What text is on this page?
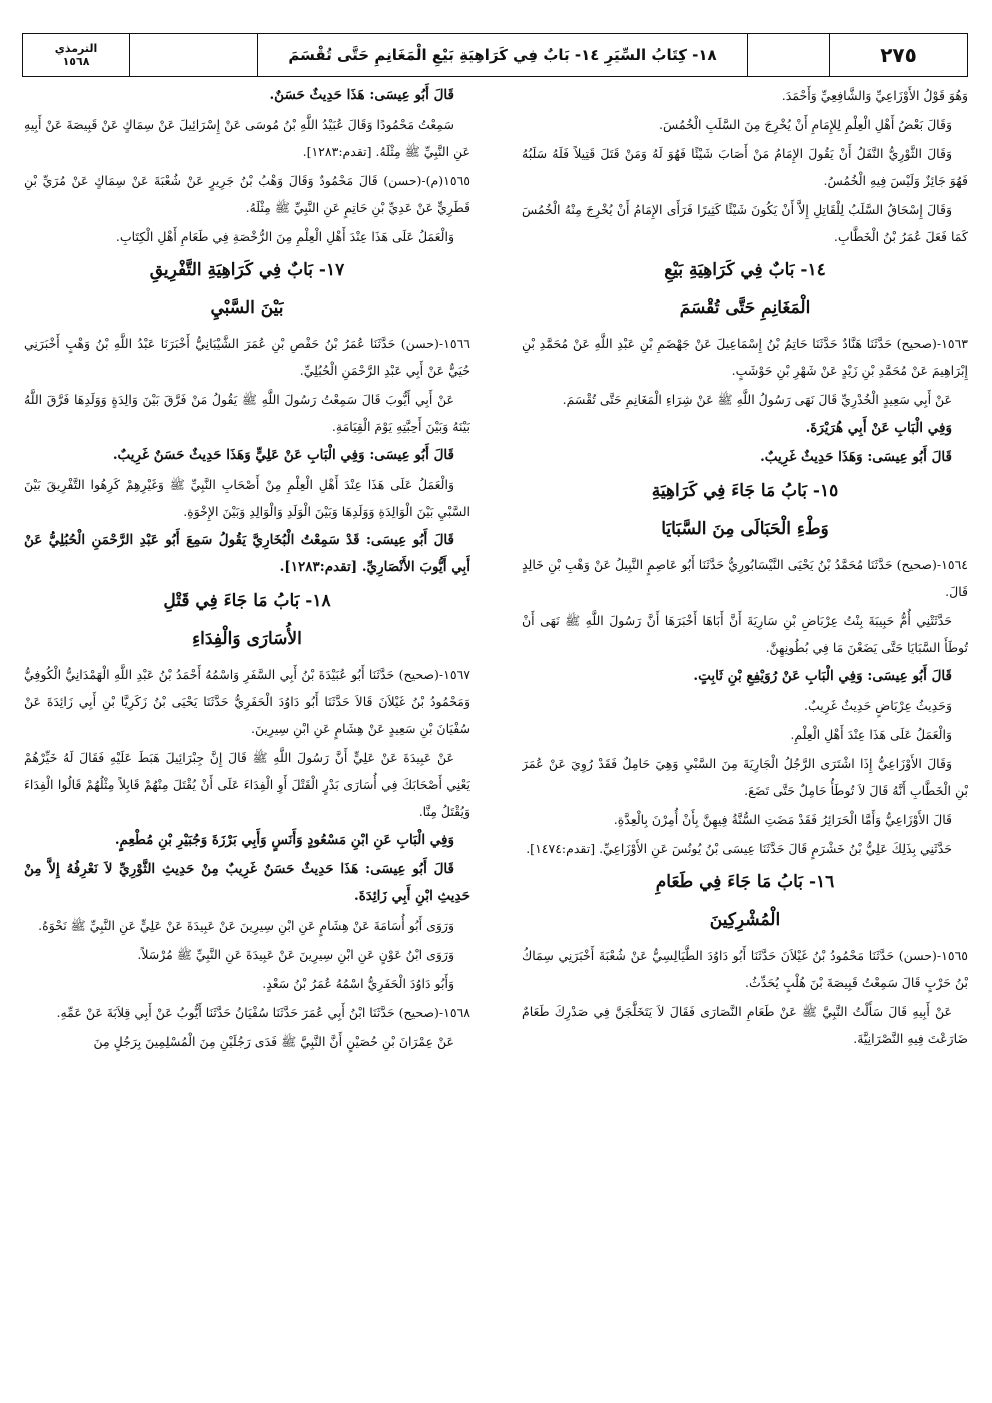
٢٧٥
١٨- كِتَابُ السِّيَرِ ١٤- بَابٌ فِي كَرَاهِيَةِ بَيْعِ الْمَغَانِمِ حَتَّى تُقْسَمَ
الترمذي
١٥٦٨
وَهُوَ قَوْلُ الأَوْزَاعِيِّ وَالشَّافِعِيِّ وَأَحْمَدَ.
وَقَالَ بَعْضُ أَهْلِ الْعِلْمِ لِلإِمَامِ أَنْ يُخْرِجَ مِنَ السَّلَبِ الْخُمُسَ.
وَقَالَ الثَّوْرِيُّ النَّفَلُ أَنْ يَقُولَ الإِمَامُ مَنْ أَصَابَ شَيْئًا فَهُوَ لَهُ وَمَنْ قَتَلَ قَتِيلاً فَلَهُ سَلَبُهُ فَهُوَ جَائِزٌ وَلَيْسَ فِيهِ الْخُمُسُ.
وَقَالَ إِسْحَاقُ السَّلَبُ لِلْقَاتِلِ إِلاَّ أَنْ يَكُونَ شَيْئًا كَثِيرًا فَرَأَى الإِمَامُ أَنْ يُخْرِجَ مِنْهُ الْخُمُسَ كَمَا فَعَلَ عُمَرُ بْنُ الْخَطَّابِ.
١٤- بَابٌ فِي كَرَاهِيَةِ بَيْعِ
الْمَغَانِمِ حَتَّى تُقْسَمَ
١٥٦٣-(صحيح) حَدَّثَنَا هَنَّادٌ حَدَّثَنَا حَاتِمُ بْنُ إِسْمَاعِيلَ عَنْ جَهْضَمِ بْنِ عَبْدِ اللَّهِ عَنْ مُحَمَّدِ بْنِ إِبْرَاهِيمَ عَنْ مُحَمَّدِ بْنِ زَيْدٍ عَنْ شَهْرِ بْنِ حَوْشَبٍ.
عَنْ أَبِي سَعِيدٍ الْخُدْرِيِّ قَالَ نَهَى رَسُولُ اللَّهِ ﷺ عَنْ شِرَاءِ الْمَغَانِمِ حَتَّى تُقْسَمَ.
وَفِي الْبَابِ عَنْ أَبِي هُرَيْرَةَ.
قَالَ أَبُو عِيسَى: وَهَذَا حَدِيثٌ غَرِيبٌ.
١٥- بَابُ مَا جَاءَ فِي كَرَاهِيَةِ
وَطْءِ الْحَبَالَى مِنَ السَّبَايَا
١٥٦٤-(صحيح) حَدَّثَنَا مُحَمَّدُ بْنُ يَحْيَى النَّيْسَابُورِيُّ حَدَّثَنَا أَبُو عَاصِمٍ النَّبِيلُ عَنْ وَهْبِ بْنِ خَالِدٍ قَالَ.
حَدَّثَتْنِي أُمُّ حَبِيبَةَ بِنْتُ عِرْبَاضِ بْنِ سَارِيَةَ أَنَّ أَبَاهَا أَخْبَرَهَا أَنَّ رَسُولَ اللَّهِ ﷺ نَهَى أَنْ تُوطَأَ السَّبَايَا حَتَّى يَضَعْنَ مَا فِي بُطُونِهِنَّ.
قَالَ أَبُو عِيسَى: وَفِي الْبَابِ عَنْ رُوَيْفِعِ بْنِ ثَابِتٍ.
وَحَدِيثُ عِرْبَاضٍ حَدِيثٌ غَرِيبٌ.
وَالْعَمَلُ عَلَى هَذَا عِنْدَ أَهْلِ الْعِلْمِ.
وَقَالَ الأَوْزَاعِيُّ إِذَا اشْتَرَى الرَّجُلُ الْجَارِيَةَ مِنَ السَّبْيِ وَهِيَ حَامِلٌ فَقَدْ رُوِيَ عَنْ عُمَرَ بْنِ الْخَطَّابِ أَنَّهُ قَالَ لاَ تُوطَأُ حَامِلٌ حَتَّى تَضَعَ.
قَالَ الأَوْزَاعِيُّ وَأَمَّا الْحَرَائِرُ فَقَدْ مَضَتِ السُّنَّةُ فِيهِنَّ بِأَنْ أُمِرْنَ بِالْعِدَّةِ.
حَدَّثَنِي بِذَلِكَ عَلِيُّ بْنُ خَشْرَمٍ قَالَ حَدَّثَنَا عِيسَى بْنُ يُونُسَ عَنِ الأَوْزَاعِيِّ. [تقدم:١٤٧٤].
١٦- بَابُ مَا جَاءَ فِي طَعَامِ
الْمُشْرِكِينَ
١٥٦٥-(حسن) حَدَّثَنَا مَحْمُودُ بْنُ غَيْلاَنَ حَدَّثَنَا أَبُو دَاوُدَ الطَّيَالِسِيُّ عَنْ شُعْبَةَ أَخْبَرَنِي سِمَاكُ بْنُ حَرْبٍ قَالَ سَمِعْتُ قَبِيصَةَ بْنَ هُلْبٍ يُحَدِّثُ.
عَنْ أَبِيهِ قَالَ سَأَلْتُ النَّبِيَّ ﷺ عَنْ طَعَامِ النَّصَارَى فَقَالَ لاَ يَتَخَلَّجَنَّ فِي صَدْرِكَ طَعَامٌ ضَارَعْتَ فِيهِ النَّصْرَانِيَّةَ.
قَالَ أَبُو عِيسَى: هَذَا حَدِيثٌ حَسَنٌ.
سَمِعْتُ مَحْمُودًا وَقَالَ عُبَيْدُ اللَّهِ بْنُ مُوسَى عَنْ إِسْرَائِيلَ عَنْ سِمَاكٍ عَنْ قَبِيصَةَ عَنْ أَبِيهِ عَنِ النَّبِيِّ ﷺ مِثْلَهُ. [تقدم:١٢٨٣].
١٥٦٥(م)-(حسن) قَالَ مَحْمُودٌ وَقَالَ وَهْبُ بْنُ جَرِيرٍ عَنْ شُعْبَةَ عَنْ سِمَاكٍ عَنْ مُرَيِّ بْنِ قَطَرِيٍّ عَنْ عَدِيِّ بْنِ حَاتِمٍ عَنِ النَّبِيِّ ﷺ مِثْلَهُ.
وَالْعَمَلُ عَلَى هَذَا عِنْدَ أَهْلِ الْعِلْمِ مِنَ الرُّخْصَةِ فِي طَعَامِ أَهْلِ الْكِتَابِ.
١٧- بَابٌ فِي كَرَاهِيَةِ التَّفْرِيقِ
بَيْنَ السَّبْيِ
١٥٦٦-(حسن) حَدَّثَنَا عُمَرُ بْنُ حَفْصِ بْنِ عُمَرَ الشَّيْبَانِيُّ أَخْبَرَنَا عَبْدُ اللَّهِ بْنُ وَهْبٍ أَخْبَرَنِي حُيَيٌّ عَنْ أَبِي عَبْدِ الرَّحْمَنِ الْحُبُلِيِّ.
عَنْ أَبِي أَيُّوبَ قَالَ سَمِعْتُ رَسُولَ اللَّهِ ﷺ يَقُولُ مَنْ فَرَّقَ بَيْنَ وَالِدَةٍ وَوَلَدِهَا فَرَّقَ اللَّهُ بَيْنَهُ وَبَيْنَ أَحِبَّتِهِ يَوْمَ الْقِيَامَةِ.
قَالَ أَبُو عِيسَى: وَفِي الْبَابِ عَنْ عَلِيٍّ وَهَذَا حَدِيثٌ حَسَنٌ غَرِيبٌ.
وَالْعَمَلُ عَلَى هَذَا عِنْدَ أَهْلِ الْعِلْمِ مِنْ أَصْحَابِ النَّبِيِّ ﷺ وَغَيْرِهِمْ كَرِهُوا التَّفْرِيقَ بَيْنَ السَّبْيِ بَيْنَ الْوَالِدَةِ وَوَلَدِهَا وَبَيْنَ الْوَلَدِ وَالْوَالِدِ وَبَيْنَ الإِخْوَةِ.
قَالَ أَبُو عِيسَى: قَدْ سَمِعْتُ الْبُخَارِيَّ يَقُولُ سَمِعَ أَبُو عَبْدِ الرَّحْمَنِ الْحُبُلِيُّ عَنْ أَبِي أَيُّوبَ الأَنْصَارِيِّ. [تقدم:١٢٨٣].
١٨- بَابُ مَا جَاءَ فِي قَتْلِ
الأُسَارَى وَالْفِدَاءِ
١٥٦٧-(صحيح) حَدَّثَنَا أَبُو عُبَيْدَةَ بْنُ أَبِي السَّفَرِ وَاسْمُهُ أَحْمَدُ بْنُ عَبْدِ اللَّهِ الْهَمْدَانِيُّ الْكُوفِيُّ وَمَحْمُودُ بْنُ غَيْلاَنَ قَالاَ حَدَّثَنَا أَبُو دَاوُدَ الْحَفَرِيُّ حَدَّثَنَا يَحْيَى بْنُ زَكَرِيَّا بْنِ أَبِي زَائِدَةَ عَنْ سُفْيَانَ بْنِ سَعِيدٍ عَنْ هِشَامٍ عَنِ ابْنِ سِيرِينَ.
عَنْ عَبِيدَةَ عَنْ عَلِيٍّ أَنَّ رَسُولَ اللَّهِ ﷺ قَالَ إِنَّ جِبْرَائِيلَ هَبَطَ عَلَيْهِ فَقَالَ لَهُ خَيِّرْهُمْ يَعْنِي أَصْحَابَكَ فِي أُسَارَى بَدْرٍ الْقَتْلَ أَوِ الْفِدَاءَ عَلَى أَنْ يُقْتَلَ مِنْهُمْ قَابِلاً مِثْلُهُمْ قَالُوا الْفِدَاءَ وَيُقْتَلُ مِنَّا.
وَفِي الْبَابِ عَنِ ابْنِ مَسْعُودٍ وَأَنَسٍ وَأَبِي بَرْزَةَ وَجُبَيْرِ بْنِ مُطْعِمٍ.
قَالَ أَبُو عِيسَى: هَذَا حَدِيثٌ حَسَنٌ غَرِيبٌ مِنْ حَدِيثِ الثَّوْرِيِّ لاَ نَعْرِفُهُ إِلاَّ مِنْ حَدِيثِ ابْنِ أَبِي زَائِدَةَ.
وَرَوَى أَبُو أُسَامَةَ عَنْ هِشَامٍ عَنِ ابْنِ سِيرِينَ عَنْ عَبِيدَةَ عَنْ عَلِيٍّ عَنِ النَّبِيِّ ﷺ نَحْوَهُ.
وَرَوَى ابْنُ عَوْنٍ عَنِ ابْنِ سِيرِينَ عَنْ عَبِيدَةَ عَنِ النَّبِيِّ ﷺ مُرْسَلاً.
وَأَبُو دَاوُدَ الْحَفَرِيُّ اسْمُهُ عُمَرُ بْنُ سَعْدٍ.
١٥٦٨-(صحيح) حَدَّثَنَا ابْنُ أَبِي عُمَرَ حَدَّثَنَا سُفْيَانُ حَدَّثَنَا أَيُّوبُ عَنْ أَبِي قِلاَبَةَ عَنْ عَمِّهِ.
عَنْ عِمْرَانَ بْنِ حُصَيْنٍ أَنَّ النَّبِيَّ ﷺ فَدَى رَجُلَيْنِ مِنَ الْمُسْلِمِينَ بِرَجُلٍ مِنَ
